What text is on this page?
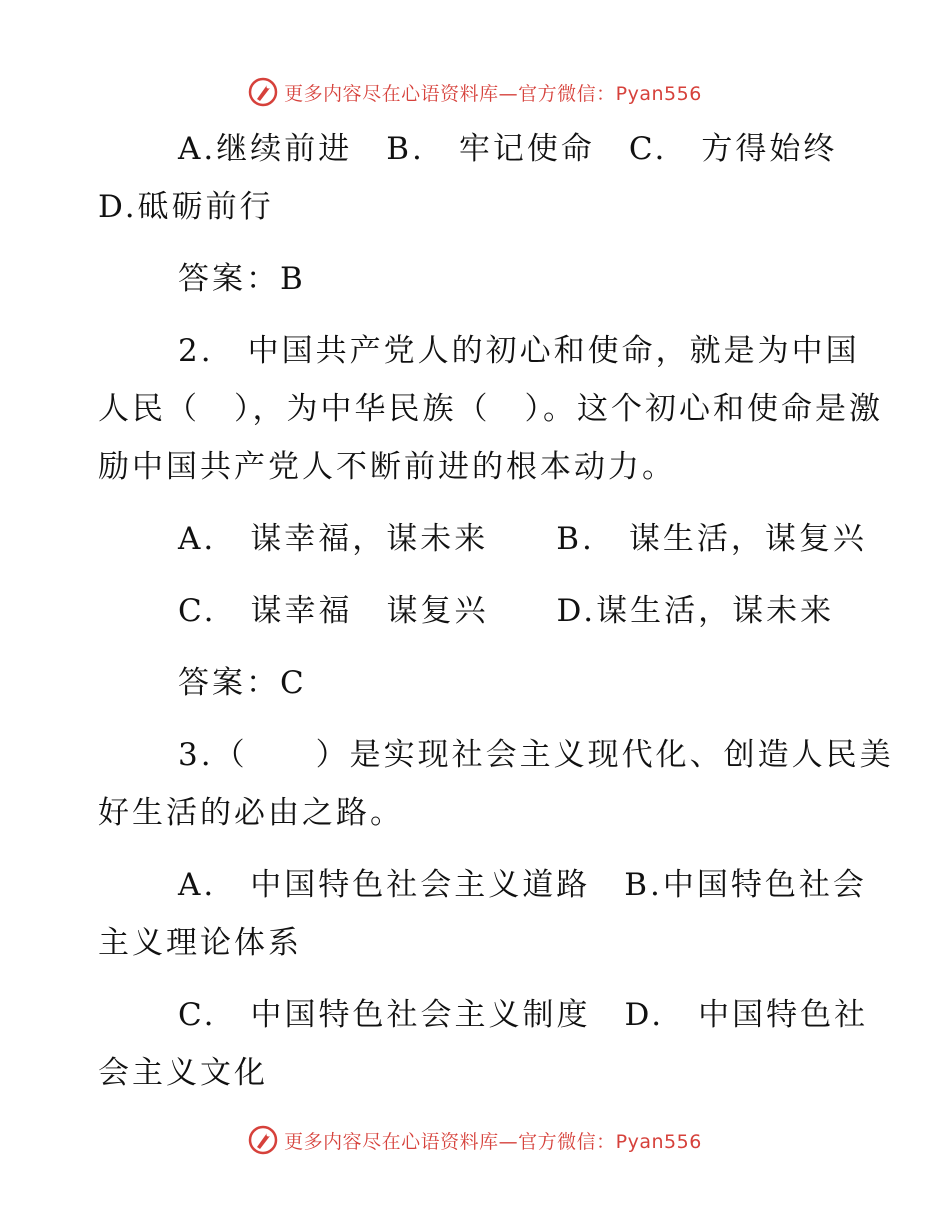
更多内容尽在心语资料库—官方微信：Pyan556
A.继续前进　B.　牢记使命　C.　方得始终
D.砥砺前行
答案：B
2.　中国共产党人的初心和使命，就是为中国
人民（　），为中华民族（　）。这个初心和使命是激
励中国共产党人不断前进的根本动力。
A.　谋幸福，谋未来　　B.　谋生活，谋复兴
C.　谋幸福　谋复兴　　D.谋生活，谋未来
答案：C
3.（　　）是实现社会主义现代化、创造人民美
好生活的必由之路。
A.　中国特色社会主义道路　B.中国特色社会
主义理论体系
C.　中国特色社会主义制度　D.　中国特色社
会主义文化
更多内容尽在心语资料库—官方微信：Pyan556
